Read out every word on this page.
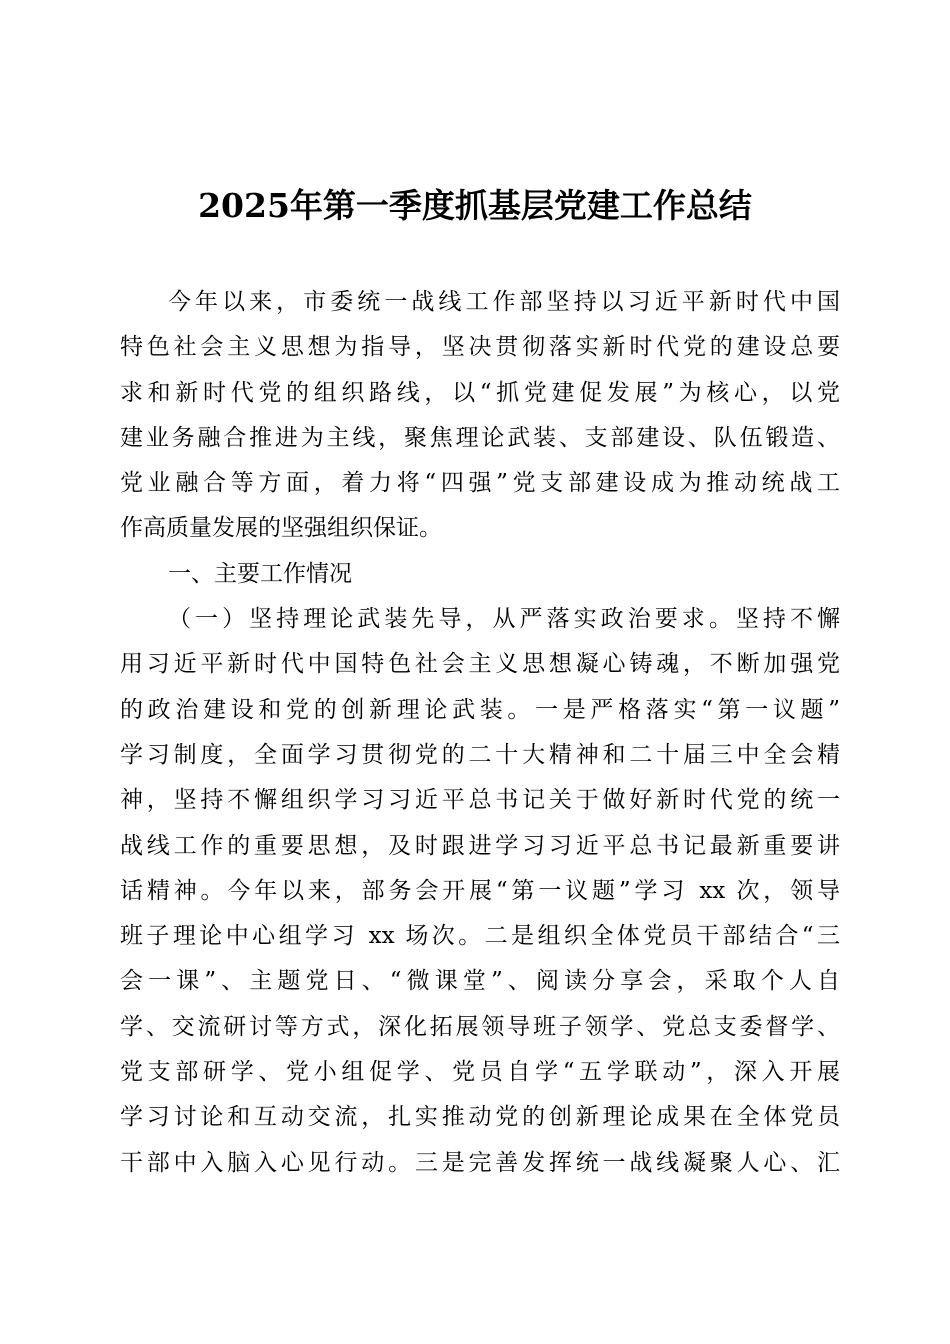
2025年第一季度抓基层党建工作总结
今年以来，市委统一战线工作部坚持以习近平新时代中国
特色社会主义思想为指导，坚决贯彻落实新时代党的建设总要
求和新时代党的组织路线，以“抓党建促发展”为核心，以党
建业务融合推进为主线，聚焦理论武装、支部建设、队伍锻造、
党业融合等方面，着力将“四强”党支部建设成为推动统战工
作高质量发展的坚强组织保证。
一、主要工作情况
（一）坚持理论武装先导，从严落实政治要求。坚持不懈
用习近平新时代中国特色社会主义思想凝心铸魂，不断加强党
的政治建设和党的创新理论武装。一是严格落实“第一议题”
学习制度，全面学习贯彻党的二十大精神和二十届三中全会精
神，坚持不懈组织学习习近平总书记关于做好新时代党的统一
战线工作的重要思想，及时跟进学习习近平总书记最新重要讲
话精神。今年以来，部务会开展“第一议题”学习 xx 次，领导
班子理论中心组学习 xx 场次。二是组织全体党员干部结合“三
会一课”、主题党日、“微课堂”、阅读分享会，采取个人自
学、交流研讨等方式，深化拓展领导班子领学、党总支委督学、
党支部研学、党小组促学、党员自学“五学联动”，深入开展
学习讨论和互动交流，扎实推动党的创新理论成果在全体党员
干部中入脑入心见行动。三是完善发挥统一战线凝聚人心、汇
